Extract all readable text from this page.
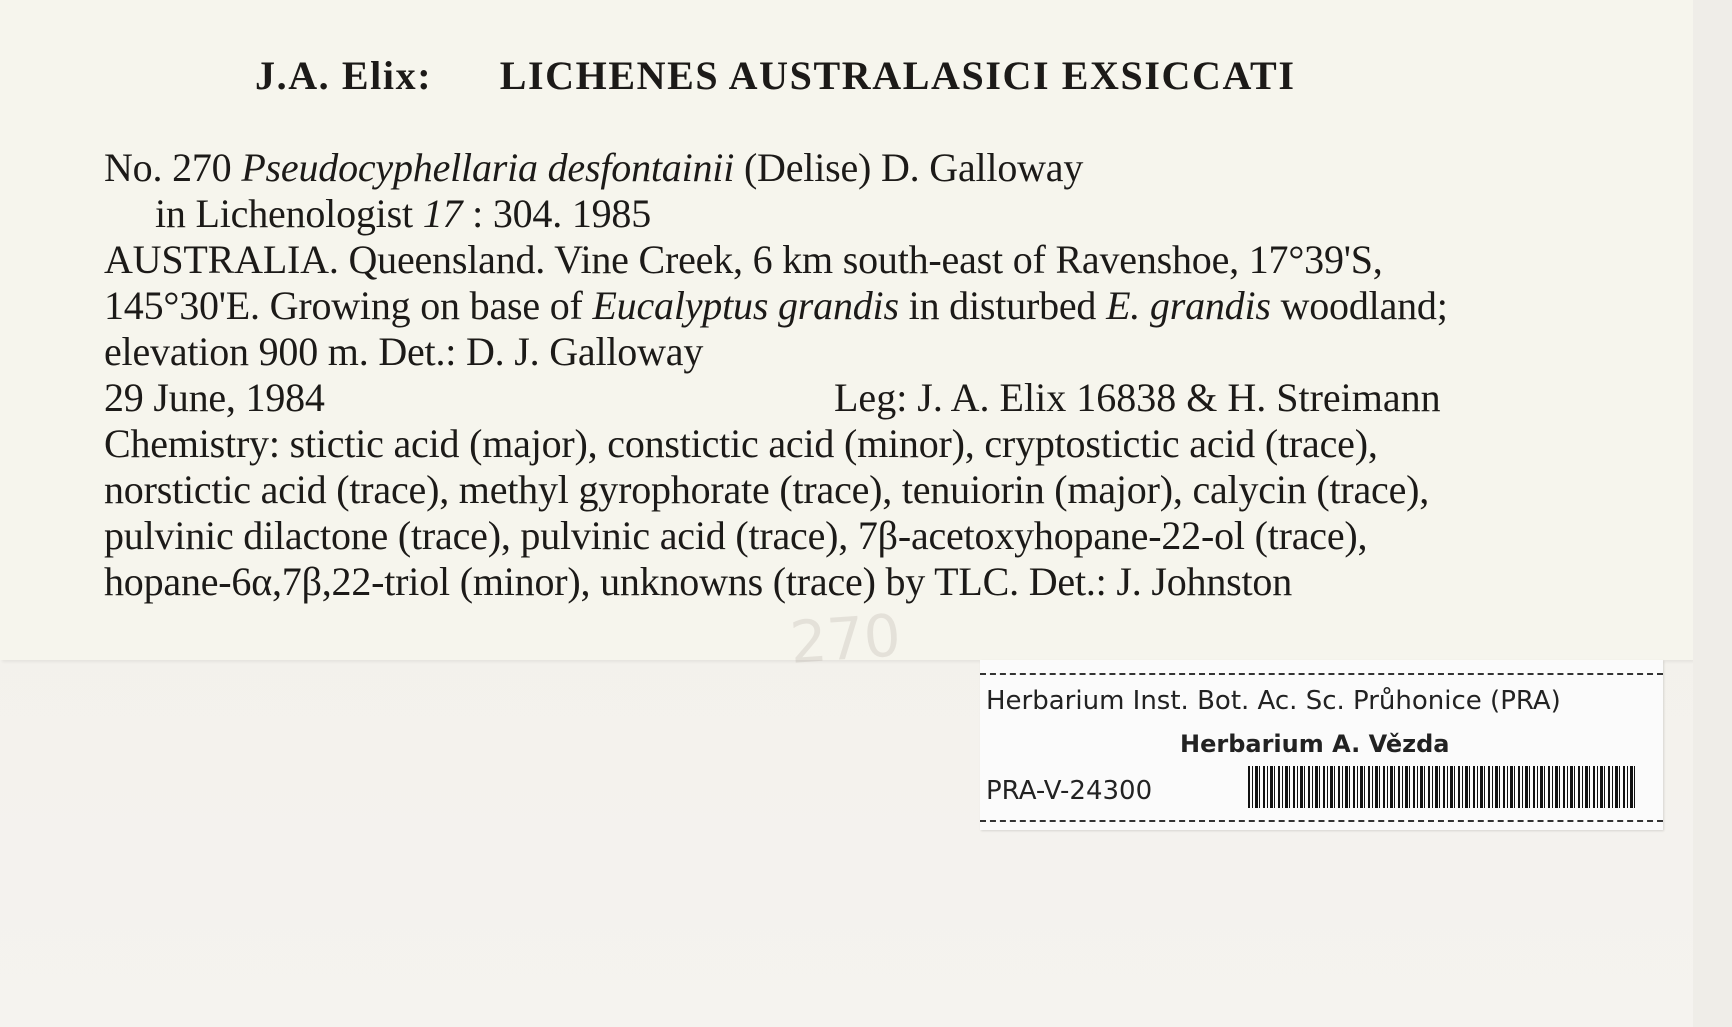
J.A. Elix: LICHENES AUSTRALASICI EXSICCATI
No. 270 Pseudocyphellaria desfontainii (Delise) D. Galloway
in Lichenologist 17 : 304. 1985
AUSTRALIA. Queensland. Vine Creek, 6 km south-east of Ravenshoe, 17°39'S,
145°30'E. Growing on base of Eucalyptus grandis in disturbed E. grandis woodland;
elevation 900 m. Det.: D. J. Galloway
29 June, 1984	Leg: J. A. Elix 16838 & H. Streimann
Chemistry: stictic acid (major), constictic acid (minor), cryptostictic acid (trace),
norstictic acid (trace), methyl gyrophorate (trace), tenuiorin (major), calycin (trace),
pulvinic dilactone (trace), pulvinic acid (trace), 7β-acetoxyhopane-22-ol (trace),
hopane-6α,7β,22-triol (minor), unknowns (trace) by TLC. Det.: J. Johnston
270
Herbarium Inst. Bot. Ac. Sc. Průhonice (PRA)
Herbarium A. Vězda
PRA-V-24300
